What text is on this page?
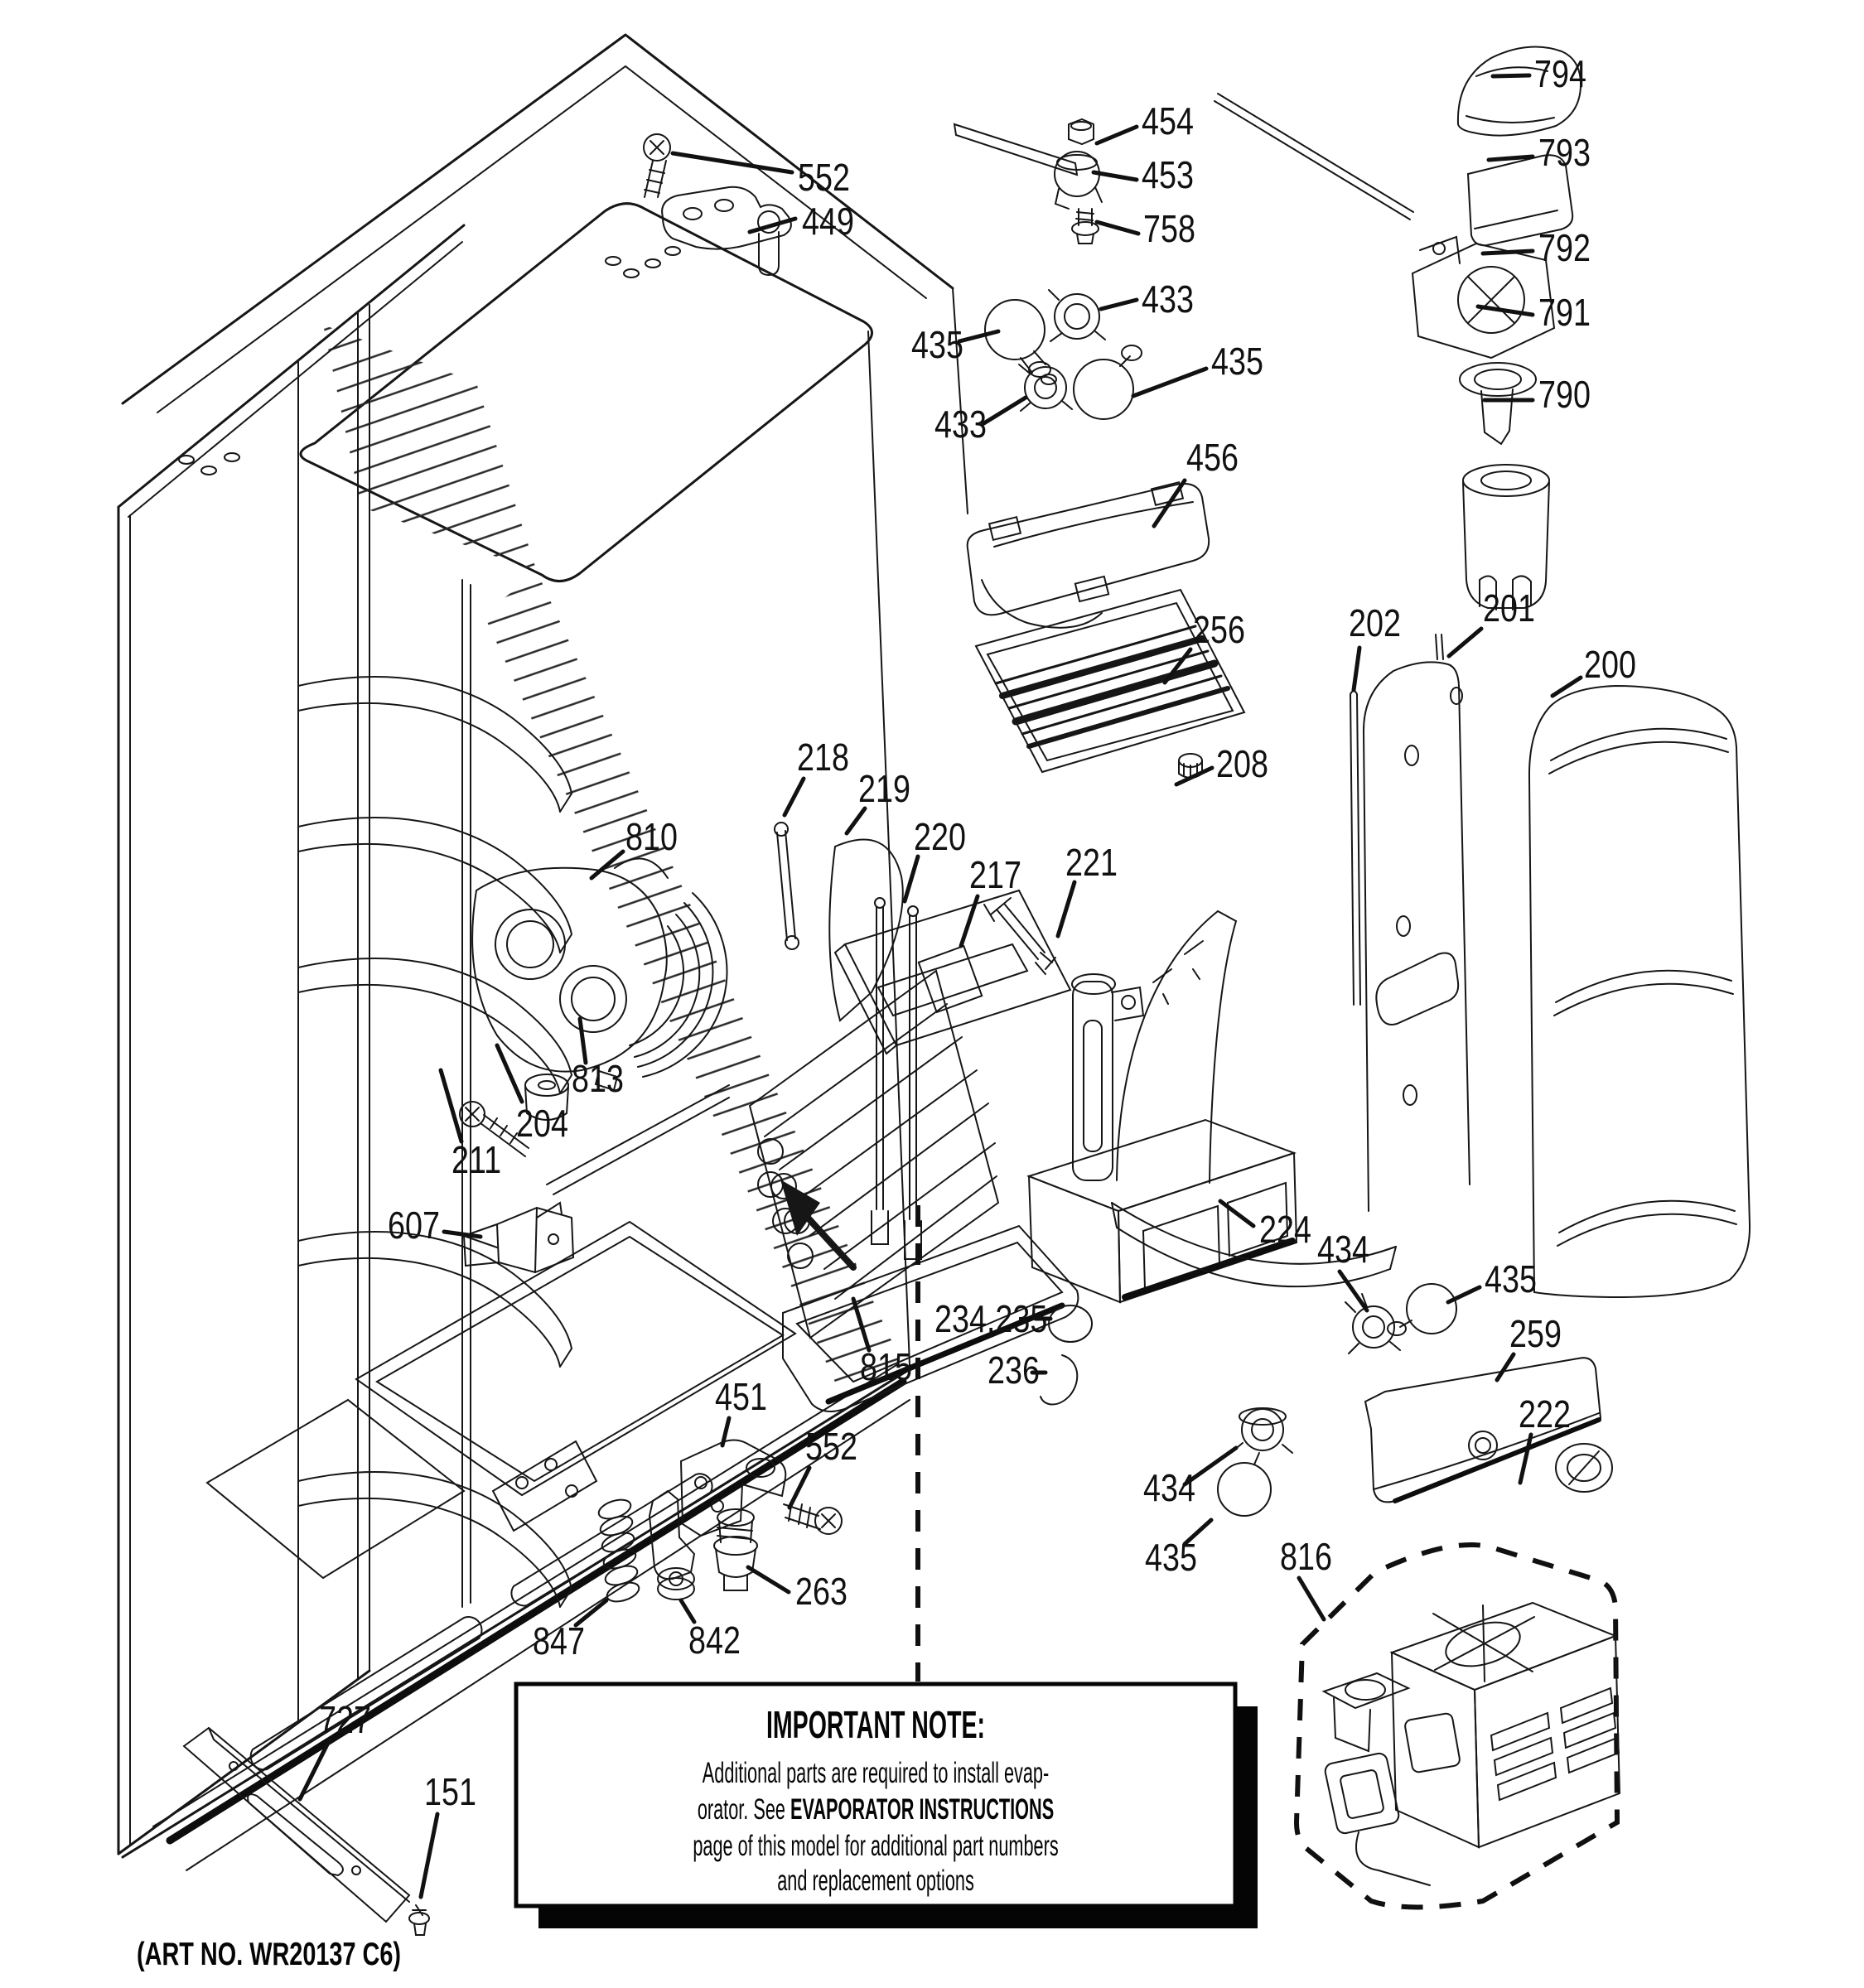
552
449
454
453
758
433
435	435
433
794
793
792
791
790
456
256
208
202 201
200
218
219
220
217 221
810
813
204
211
607
815
234,235
236
224 434
435
259
222
434
435 816
451
552
263
847	842
727
151
IMPORTANT NOTE:
Additional parts are required to install evap-
orator. See EVAPORATOR INSTRUCTIONS
page of this model for additional part numbers
and replacement options
(ART NO. WR20137 C6)
